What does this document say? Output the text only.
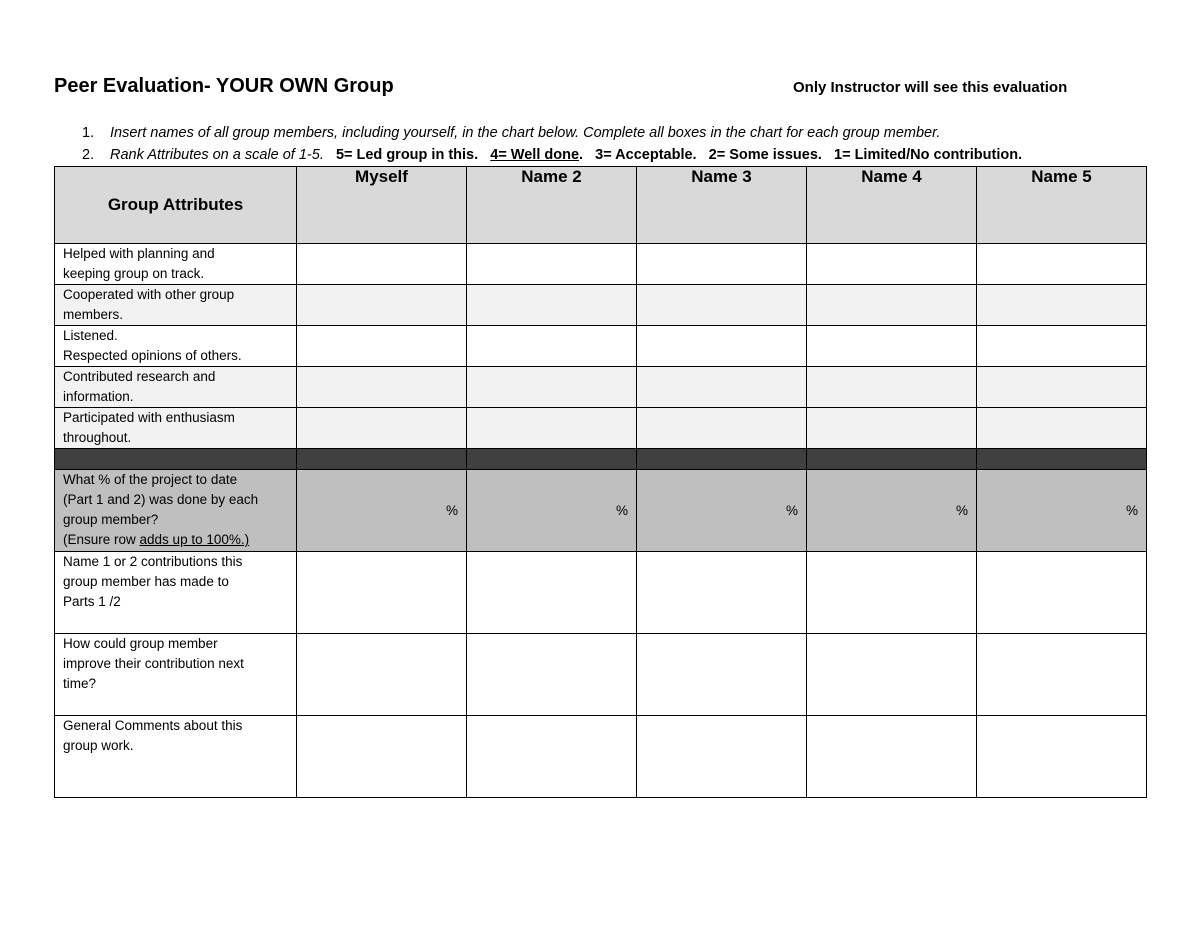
Peer Evaluation- YOUR OWN Group	Only Instructor will see this evaluation
1. Insert names of all group members, including yourself, in the chart below. Complete all boxes in the chart for each group member.
2. Rank Attributes on a scale of 1-5. 5= Led group in this. 4= Well done. 3= Acceptable. 2= Some issues. 1= Limited/No contribution.
Group Attributes	Myself	Name 2	Name 3	Name 4	Name 5
Helped with planning and
keeping group on track.					
Cooperated with other group
members.					
Listened.
Respected opinions of others.					
Contributed research and
information.					
Participated with enthusiasm
throughout.					

What % of the project to date
(Part 1 and 2) was done by each
group member?
(Ensure row adds up to 100%.)	%	%	%	%	%
Name 1 or 2 contributions this
group member has made to
Parts 1 /2					
How could group member
improve their contribution next
time?					
General Comments about this
group work.					
